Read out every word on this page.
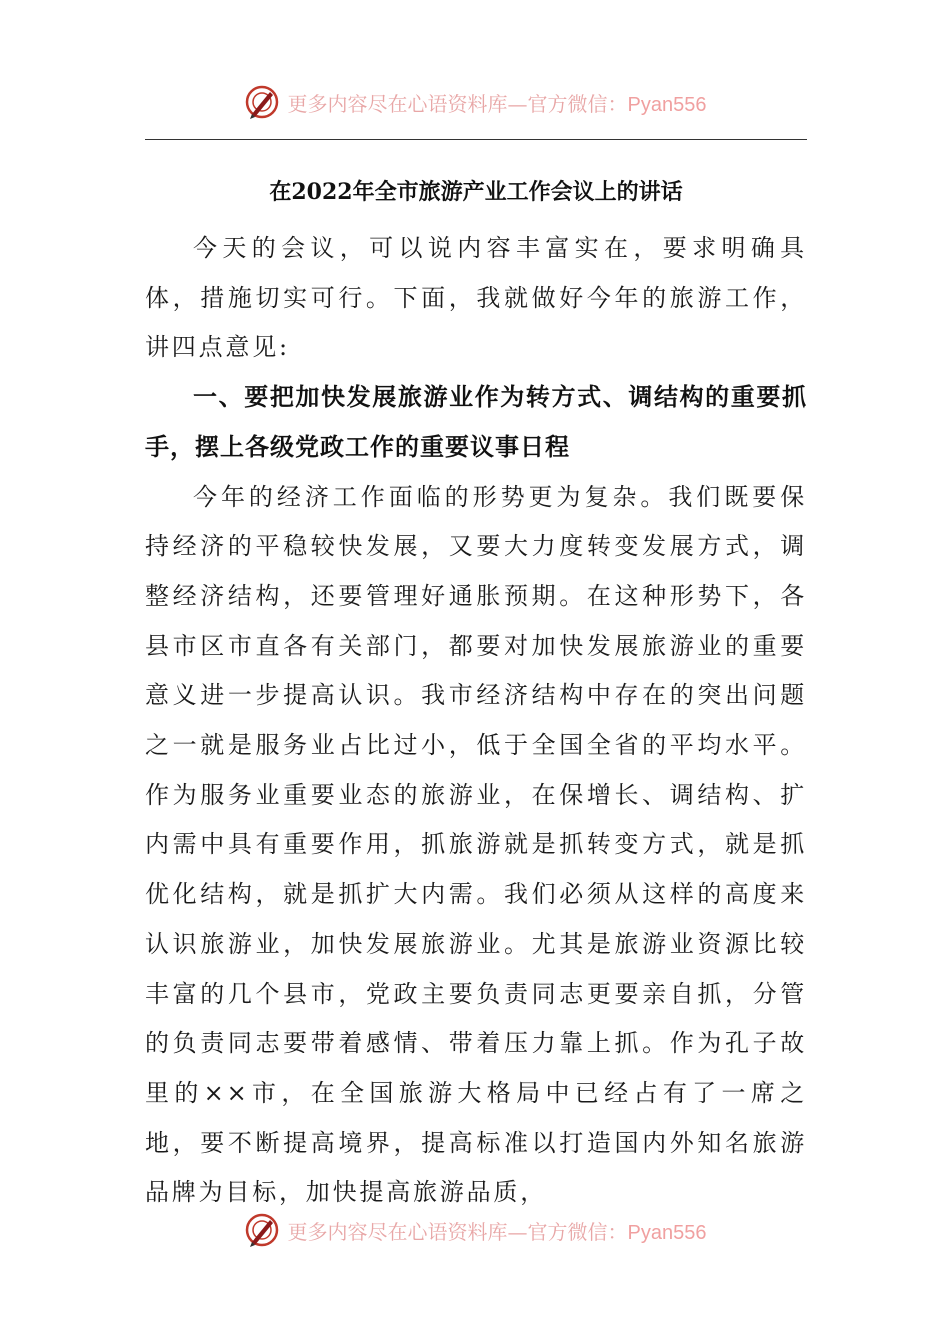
更多内容尽在心语资料库—官方微信：Pyan556
在2022年全市旅游产业工作会议上的讲话

今天的会议，可以说内容丰富实在，要求明确具体，措施切实可行。下面，我就做好今年的旅游工作，讲四点意见:

一、要把加快发展旅游业作为转方式、调结构的重要抓手，摆上各级党政工作的重要议事日程

今年的经济工作面临的形势更为复杂。我们既要保持经济的平稳较快发展，又要大力度转变发展方式，调整经济结构，还要管理好通胀预期。在这种形势下，各县市区市直各有关部门，都要对加快发展旅游业的重要意义进一步提高认识。我市经济结构中存在的突出问题之一就是服务业占比过小，低于全国全省的平均水平。作为服务业重要业态的旅游业，在保增长、调结构、扩内需中具有重要作用，抓旅游就是抓转变方式，就是抓优化结构，就是抓扩大内需。我们必须从这样的高度来认识旅游业，加快发展旅游业。尤其是旅游业资源比较丰富的几个县市，党政主要负责同志更要亲自抓，分管的负责同志要带着感情、带着压力靠上抓。作为孔子故里的××市，在全国旅游大格局中已经占有了一席之地，要不断提高境界，提高标准以打造国内外知名旅游品牌为目标，加快提高旅游品质，

更多内容尽在心语资料库—官方微信：Pyan556
